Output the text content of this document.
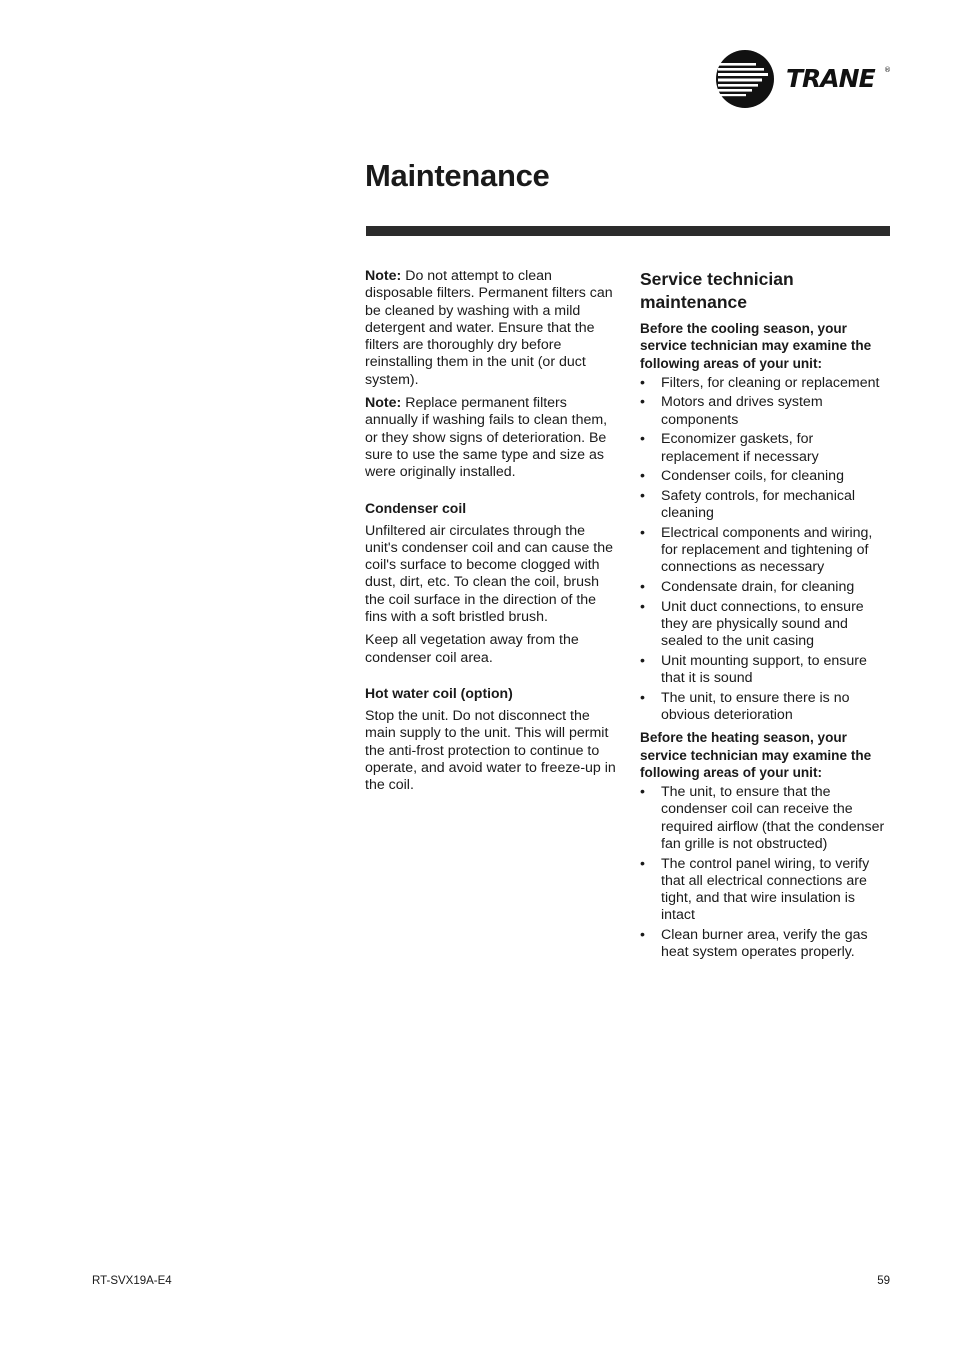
TRANE ®
Maintenance

Note: Do not attempt to clean disposable filters. Permanent filters can be cleaned by washing with a mild detergent and water. Ensure that the filters are thoroughly dry before reinstalling them in the unit (or duct system).

Note: Replace permanent filters annually if washing fails to clean them, or they show signs of deterioration. Be sure to use the same type and size as were originally installed.

Condenser coil

Unfiltered air circulates through the unit's condenser coil and can cause the coil's surface to become clogged with dust, dirt, etc. To clean the coil, brush the coil surface in the direction of the fins with a soft bristled brush.

Keep all vegetation away from the condenser coil area.

Hot water coil (option)

Stop the unit. Do not disconnect the main supply to the unit. This will permit the anti-frost protection to continue to operate, and avoid water to freeze-up in the coil.

Service technician maintenance

Before the cooling season, your service technician may examine the following areas of your unit:

• Filters, for cleaning or replacement
• Motors and drives system components
• Economizer gaskets, for replacement if necessary
• Condenser coils, for cleaning
• Safety controls, for mechanical cleaning
• Electrical components and wiring, for replacement and tightening of connections as necessary
• Condensate drain, for cleaning
• Unit duct connections, to ensure they are physically sound and sealed to the unit casing
• Unit mounting support, to ensure that it is sound
• The unit, to ensure there is no obvious deterioration

Before the heating season, your service technician may examine the following areas of your unit:

• The unit, to ensure that the condenser coil can receive the required airflow (that the condenser fan grille is not obstructed)
• The control panel wiring, to verify that all electrical connections are tight, and that wire insulation is intact
• Clean burner area, verify the gas heat system operates properly.
RT-SVX19A-E4	59
